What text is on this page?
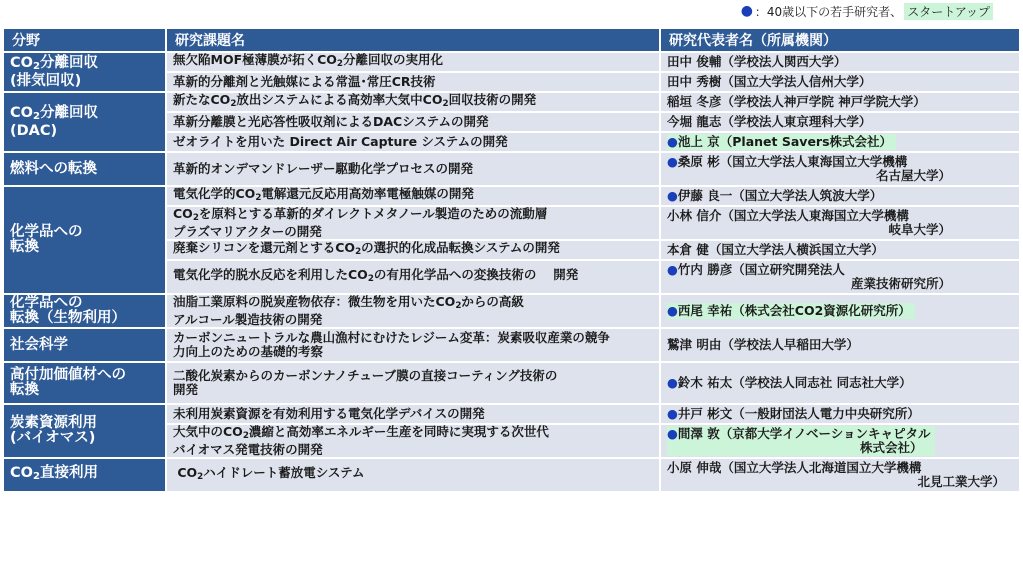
● ：40歳以下の若手研究者、 スタートアップ
分野	研究課題名	研究代表者名（所属機関）
$CO_2$分離回収
(排気回収)	無欠陥MOF極薄膜が拓く$CO_2$分離回収の実用化	田中 俊輔（学校法人関西大学）
	革新的分離剤と光触媒による常温･常圧CR技術	田中 秀樹（国立大学法人信州大学）
$CO_2$分離回収
(DAC)	新たな$CO_2$放出システムによる高効率大気中$CO_2$回収技術の開発	稲垣 冬彦（学校法人神戸学院 神戸学院大学）
	革新分離膜と光応答性吸収剤によるDACシステムの開発	今堀 龍志（学校法人東京理科大学）
	ゼオライトを用いた Direct Air Capture システムの開発	●池上 京（Planet Savers株式会社）
燃料への転換	革新的オンデマンドレーザー駆動化学プロセスの開発	●桑原 彬（国立大学法人東海国立大学機構
名古屋大学）

化学品への
転換	電気化学的$CO_2$電解還元反応用高効率電極触媒の開発	●伊藤 良一（国立大学法人筑波大学）
	$CO_2$を原料とする革新的ダイレクトメタノール製造のための流動層
プラズマリアクターの開発	小林 信介（国立大学法人東海国立大学機構
岐阜大学）

	廃棄シリコンを還元剤とする$CO_2$の選択的化成品転換システムの開発	本倉 健（国立大学法人横浜国立大学）
	電気化学的脱水反応を利用した$CO_2$の有用化学品への変換技術の　 開発	●竹内 勝彦（国立研究開発法人
産業技術研究所）

化学品への
転換（生物利用）	油脂工業原料の脱炭産物依存：微生物を用いた$CO_2$からの高級
アルコール製造技術の開発	●西尾 幸祐（株式会社CO2資源化研究所）
社会科学	カーボンニュートラルな農山漁村にむけたレジーム変革：炭素吸収産業の競争
力向上のための基礎的考察	鷲津 明由（学校法人早稲田大学）
高付加価値材への
転換	二酸化炭素からのカーボンナノチューブ膜の直接コーティング技術の
開発	●鈴木 祐太（学校法人同志社 同志社大学）
炭素資源利用
(バイオマス)	未利用炭素資源を有効利用する電気化学デバイスの開発	●井戸 彬文（一般財団法人電力中央研究所）
	大気中の$CO_2$濃縮と高効率エネルギー生産を同時に実現する次世代
バイオマス発電技術の開発	●間澤 敦（京都大学イノベーションキャピタル
株式会社）

$CO_2$直接利用	$CO_2$ハイドレート蓄放電システム	小原 伸哉（国立大学法人北海道国立大学機構
北見工業大学）
